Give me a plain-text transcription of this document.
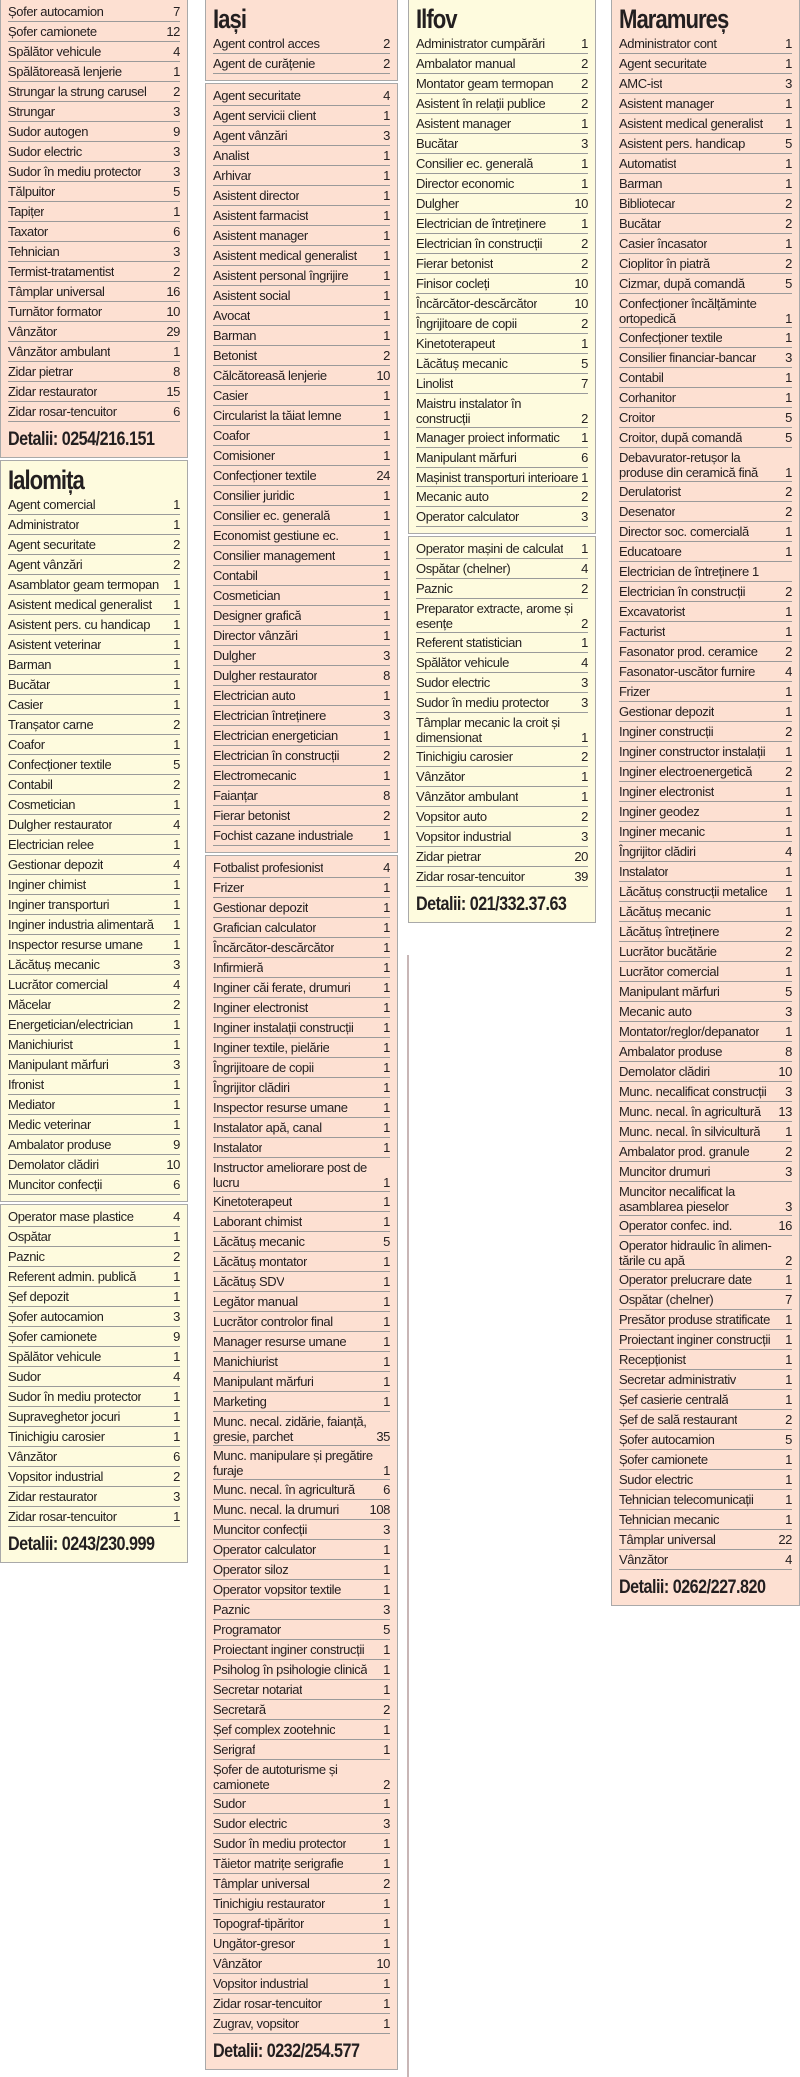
Șofer autocamion	7
Șofer camionete	12
Spălător vehicule	4
Spălătoreasă lenjerie	1
Strungar la strung carusel 2
Strungar	3
Sudor autogen	9
Sudor electric	3
Sudor în mediu protector 3
Tălpuitor	5
Tapițer	1
Taxator	6
Tehnician	3
Termist-tratamentist	2
Tâmplar universal	16
Turnător formator	10
Vânzător	29
Vânzător ambulant	1
Zidar pietrar	8
Zidar restaurator	15
Zidar rosar-tencuitor	6
Detalii: 0254/216.151
Ialomița
Agent comercial	1
Administrator	1
Agent securitate	2
Agent vânzări	2
Asamblator geam termopan 1
Asistent medical generalist 1
Asistent pers. cu handicap 1
Asistent veterinar	1
Barman	1
Bucătar	1
Casier	1
Tranșator carne	2
Coafor	1
Confecționer textile	5
Contabil	2
Cosmetician	1
Dulgher restaurator	4
Electrician relee	1
Gestionar depozit	4
Inginer chimist	1
Inginer transporturi	1
Inginer industria alimentară 1
Inspector resurse umane 1
Lăcătuș mecanic	3
Lucrător comercial	4
Măcelar	2
Energetician/electrician	1
Manichiurist	1
Manipulant mărfuri	3
Ifronist	1
Mediator	1
Medic veterinar	1
Ambalator produse	9
Demolator clădiri	10
Muncitor confecții	6
Operator mase plastice	4
Ospătar	1
Paznic	2
Referent admin. publică	1
Șef depozit	1
Șofer autocamion	3
Șofer camionete	9
Spălător vehicule	1
Sudor	4
Sudor în mediu protector 1
Supraveghetor jocuri	1
Tinichigiu carosier	1
Vânzător	6
Vopsitor industrial	2
Zidar restaurator	3
Zidar rosar-tencuitor	1
Detalii: 0243/230.999
Iași
Agent control acces	2
Agent de curățenie	2
Agent securitate	4
Agent servicii client	1
Agent vânzări	3
Analist	1
Arhivar	1
Asistent director	1
Asistent farmacist	1
Asistent manager	1
Asistent medical generalist 1
Asistent personal îngrijire	1
Asistent social	1
Avocat	1
Barman	1
Betonist	2
Călcătoreasă lenjerie	10
Casier	1
Circularist la tăiat lemne	1
Coafor	1
Comisioner	1
Confecționer textile	24
Consilier juridic	1
Consilier ec. generală	1
Economist gestiune ec.	1
Consilier management	1
Contabil	1
Cosmetician	1
Designer grafică	1
Director vânzări	1
Dulgher	3
Dulgher restaurator	8
Electrician auto	1
Electrician întreținere	3
Electrician energetician	1
Electrician în construcții	2
Electromecanic	1
Faianțar	8
Fierar betonist	2
Fochist cazane industriale 1
Fotbalist profesionist	4
Frizer	1
Gestionar depozit	1
Grafician calculator	1
Încărcător-descărcător	1
Infirmieră	1
Inginer căi ferate, drumuri	1
Inginer electronist	1
Inginer instalații construcții 1
Inginer textile, pielărie	1
Îngrijitoare de copii	1
Îngrijitor clădiri	1
Inspector resurse umane	1
Instalator apă, canal	1
Instalator	1
Instructor ameliorare post de lucru	1
Kinetoterapeut	1
Laborant chimist	1
Lăcătuș mecanic	5
Lăcătuș montator	1
Lăcătuș SDV	1
Legător manual	1
Lucrător controlor final	1
Manager resurse umane	1
Manichiurist	1
Manipulant mărfuri	1
Marketing	1
Munc. necal. zidărie, faianță, gresie, parchet	35
Munc. manipulare și pregătire furaje	1
Munc. necal. în agricultură 6
Munc. necal. la drumuri 108
Muncitor confecții	3
Operator calculator	1
Operator siloz	1
Operator vopsitor textile	1
Paznic	3
Programator	5
Proiectant inginer construcții 1
Psiholog în psihologie clinică 1
Secretar notariat	1
Secretară	2
Șef complex zootehnic	1
Serigraf	1
Șofer de autoturisme și camionete	2
Sudor	1
Sudor electric	3
Sudor în mediu protector	1
Tăietor matrițe serigrafie	1
Tâmplar universal	2
Tinichigiu restaurator	1
Topograf-tipăritor	1
Ungător-gresor	1
Vânzător	10
Vopsitor industrial	1
Zidar rosar-tencuitor	1
Zugrav, vopsitor	1
Detalii: 0232/254.577
Ilfov
Administrator cumpărări	1
Ambalator manual	2
Montator geam termopan 2
Asistent în relații publice	2
Asistent manager	1
Bucătar	3
Consilier ec. generală	1
Director economic	1
Dulgher	10
Electrician de întreținere	1
Electrician în construcții	2
Fierar betonist	2
Finisor cocleți	10
Încărcător-descărcător	10
Îngrijitoare de copii	2
Kinetoterapeut	1
Lăcătuș mecanic	5
Linolist	7
Maistru instalator în construcții	2
Manager proiect informatic 1
Manipulant mărfuri	6
Mașinist transporturi interioare 1
Mecanic auto	2
Operator calculator	3
Operator mașini de calculat 1
Ospătar (chelner)	4
Paznic	2
Preparator extracte, arome și esențe	2
Referent statistician	1
Spălător vehicule	4
Sudor electric	3
Sudor în mediu protector 3
Tâmplar mecanic la croit și dimensionat	1
Tinichigiu carosier	2
Vânzător	1
Vânzător ambulant	1
Vopsitor auto	2
Vopsitor industrial	3
Zidar pietrar	20
Zidar rosar-tencuitor	39
Detalii: 021/332.37.63
Maramureș
Administrator cont	1
Agent securitate	1
AMC-ist	3
Asistent manager	1
Asistent medical generalist 1
Asistent pers. handicap	5
Automatist	1
Barman	1
Bibliotecar	2
Bucătar	2
Casier încasator	1
Cioplitor în piatră	2
Cizmar, după comandă	5
Confecționer încălțăminte ortopedică	1
Confecționer textile	1
Consilier financiar-bancar 3
Contabil	1
Corhanitor	1
Croitor	5
Croitor, după comandă	5
Debavurator-retușor la produse din ceramică fină	1
Derulatorist	2
Desenator	2
Director soc. comercială	1
Educatoare	1
Electrician de întreținere 1
Electrician în construcții	2
Excavatorist	1
Facturist	1
Fasonator prod. ceramice 2
Fasonator-uscător furnire 4
Frizer	1
Gestionar depozit	1
Inginer construcții	2
Inginer constructor instalații 1
Inginer electroenergetică	2
Inginer electronist	1
Inginer geodez	1
Inginer mecanic	1
Îngrijitor clădiri	4
Instalator	1
Lăcătuș construcții metalice 1
Lăcătuș mecanic	1
Lăcătuș întreținere	2
Lucrător bucătărie	2
Lucrător comercial	1
Manipulant mărfuri	5
Mecanic auto	3
Montator/reglor/depanator 1
Ambalator produse	8
Demolator clădiri	10
Munc. necalificat construcții 3
Munc. necal. în agricultură 13
Munc. necal. în silvicultură 1
Ambalator prod. granule	2
Muncitor drumuri	3
Muncitor necalificat la asamblarea pieselor	3
Operator confec. ind.	16
Operator hidraulic în alimen-tările cu apă	2
Operator prelucrare date	1
Ospătar (chelner)	7
Presător produse stratificate 1
Proiectant inginer construcții 1
Recepționist	1
Secretar administrativ	1
Șef casierie centrală	1
Șef de sală restaurant	2
Șofer autocamion	5
Șofer camionete	1
Sudor electric	1
Tehnician telecomunicații 1
Tehnician mecanic	1
Tâmplar universal	22
Vânzător	4
Detalii: 0262/227.820
